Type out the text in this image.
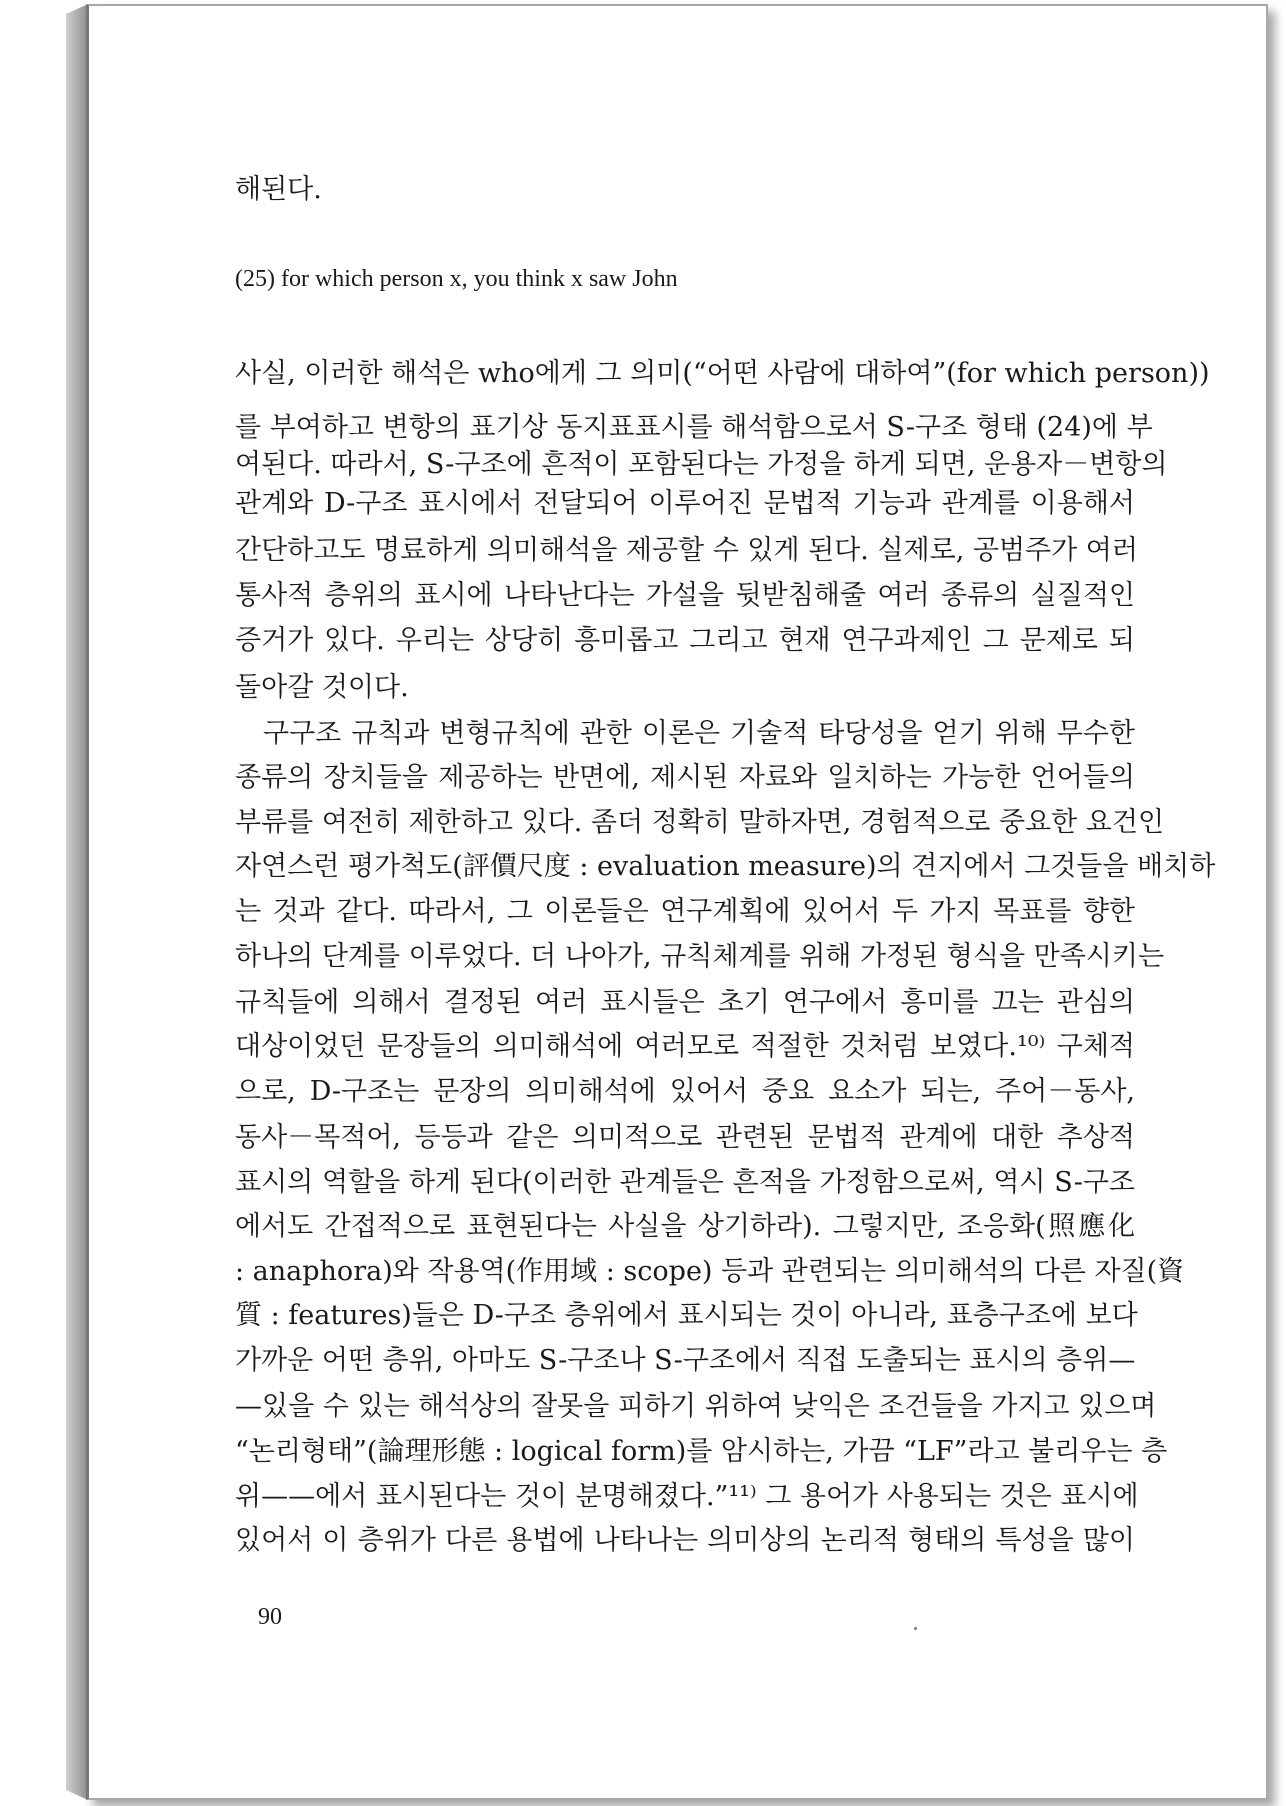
해된다.
(25) for which person x, you think x saw John
사실, 이러한 해석은 who에게 그 의미(“어떤 사람에 대하여”(for which person))
를 부여하고 변항의 표기상 동지표표시를 해석함으로서 S-구조 형태 (24)에 부
여된다. 따라서, S-구조에 흔적이 포함된다는 가정을 하게 되면, 운용자－변항의
관계와 D-구조 표시에서 전달되어 이루어진 문법적 기능과 관계를 이용해서
간단하고도 명료하게 의미해석을 제공할 수 있게 된다. 실제로, 공범주가 여러
통사적 층위의 표시에 나타난다는 가설을 뒷받침해줄 여러 종류의 실질적인
증거가 있다. 우리는 상당히 흥미롭고 그리고 현재 연구과제인 그 문제로 되
돌아갈 것이다.
구구조 규칙과 변형규칙에 관한 이론은 기술적 타당성을 얻기 위해 무수한
종류의 장치들을 제공하는 반면에, 제시된 자료와 일치하는 가능한 언어들의
부류를 여전히 제한하고 있다. 좀더 정확히 말하자면, 경험적으로 중요한 요건인
자연스런 평가척도(評價尺度 : evaluation measure)의 견지에서 그것들을 배치하
는 것과 같다. 따라서, 그 이론들은 연구계획에 있어서 두 가지 목표를 향한
하나의 단계를 이루었다. 더 나아가, 규칙체계를 위해 가정된 형식을 만족시키는
규칙들에 의해서 결정된 여러 표시들은 초기 연구에서 흥미를 끄는 관심의
대상이었던 문장들의 의미해석에 여러모로 적절한 것처럼 보였다.¹⁰⁾ 구체적
으로, D-구조는 문장의 의미해석에 있어서 중요 요소가 되는, 주어－동사,
동사－목적어, 등등과 같은 의미적으로 관련된 문법적 관계에 대한 추상적
표시의 역할을 하게 된다(이러한 관계들은 흔적을 가정함으로써, 역시 S-구조
에서도 간접적으로 표현된다는 사실을 상기하라). 그렇지만, 조응화(照應化
: anaphora)와 작용역(作用域 : scope) 등과 관련되는 의미해석의 다른 자질(資
質 : features)들은 D-구조 층위에서 표시되는 것이 아니라, 표층구조에 보다
가까운 어떤 층위, 아마도 S-구조나 S-구조에서 직접 도출되는 표시의 층위—
—있을 수 있는 해석상의 잘못을 피하기 위하여 낮익은 조건들을 가지고 있으며
“논리형태”(論理形態 : logical form)를 암시하는, 가끔 “LF”라고 불리우는 층
위——에서 표시된다는 것이 분명해졌다.”¹¹⁾ 그 용어가 사용되는 것은 표시에
있어서 이 층위가 다른 용법에 나타나는 의미상의 논리적 형태의 특성을 많이
90
